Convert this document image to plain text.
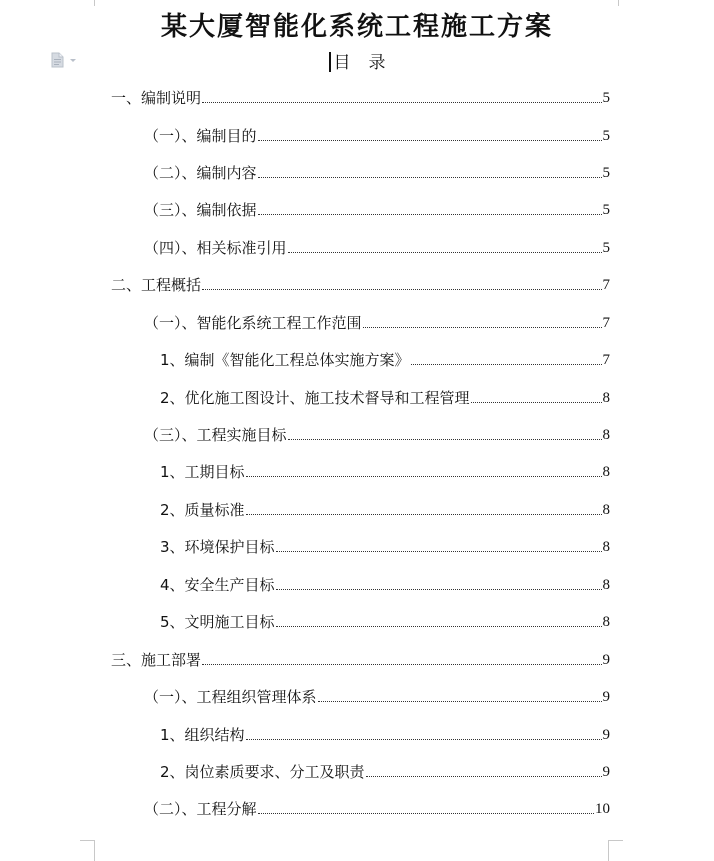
某大厦智能化系统工程施工方案
目 录
一、编制说明	5
（一）、编制目的	5
（二）、编制内容	5
（三）、编制依据	5
（四）、相关标准引用	5
二、工程概括	7
（一）、智能化系统工程工作范围	7
1、编制《智能化工程总体实施方案》	7
2、优化施工图设计、施工技术督导和工程管理	8
（三）、工程实施目标	8
1、工期目标	8
2、质量标准	8
3、环境保护目标	8
4、安全生产目标	8
5、文明施工目标	8
三、施工部署	9
（一）、工程组织管理体系	9
1、组织结构	9
2、岗位素质要求、分工及职责	9
（二）、工程分解	10
